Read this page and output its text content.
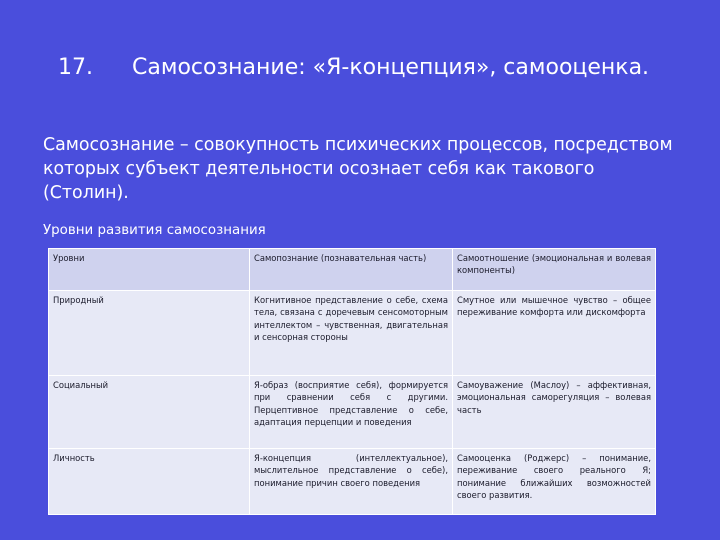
17. Самосознание: «Я-концепция», самооценка.
Самосознание – совокупность психических процессов, посредством которых субъект деятельности осознает себя как такового (Столин).
Уровни развития самосознания
Уровни	Самопознание (познавательная часть)	Самоотношение (эмоциональная и волевая компоненты)
Природный	Когнитивное представление о себе, схема тела, связана с доречевым сенсомоторным интеллектом – чувственная, двигательная и сенсорная стороны	Смутное или мышечное чувство – общее переживание комфорта или дискомфорта
Социальный	Я-образ (восприятие себя), формируется при сравнении себя с другими. Перцептивное представление о себе, адаптация перцепции и поведения	Самоуважение (Маслоу) – аффективная, эмоциональная саморегуляция – волевая часть
Личность	Я-концепция (интеллектуальное), мыслительное представление о себе), понимание причин своего поведения	Самооценка (Роджерс) – понимание, переживание своего реального Я; понимание ближайших возможностей своего развития.
